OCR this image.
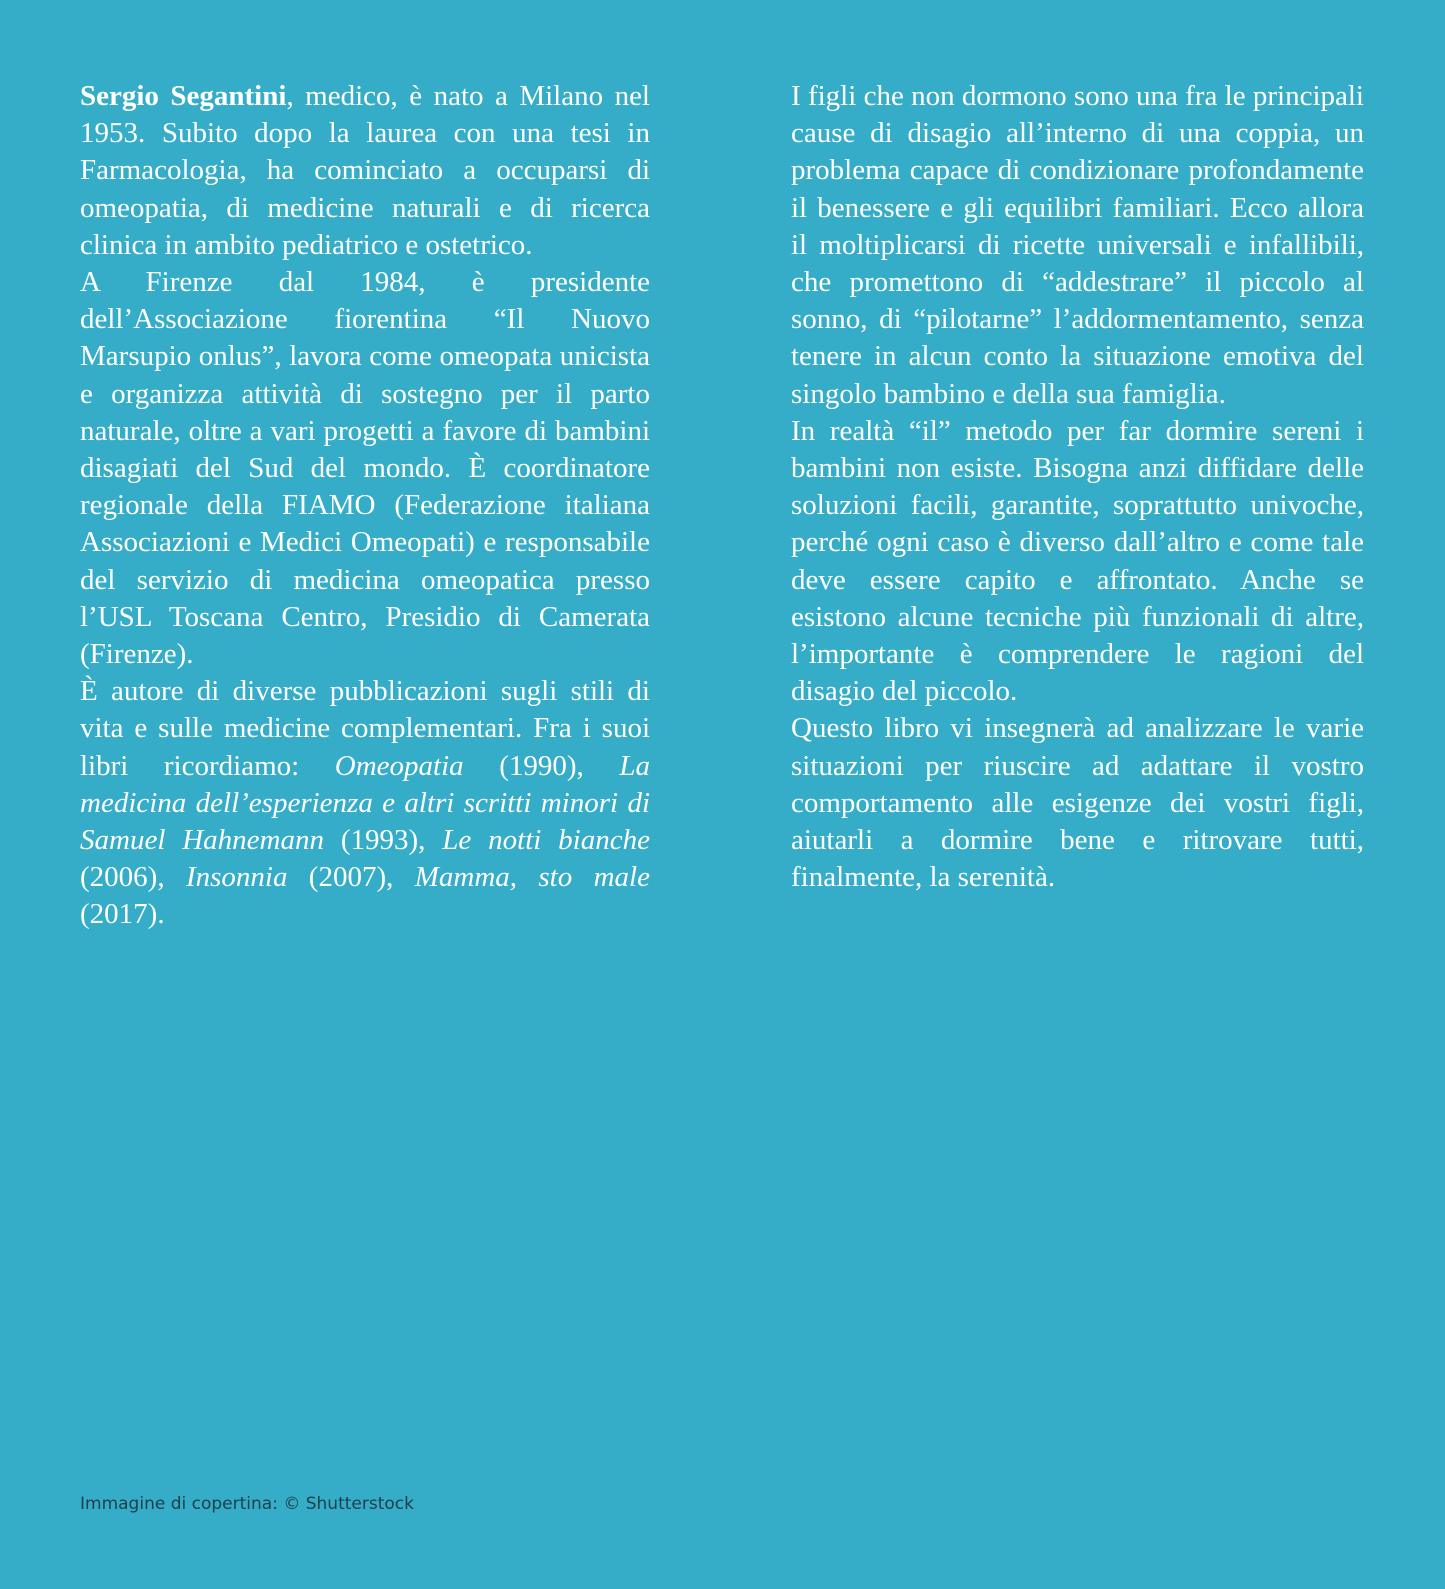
Sergio Segantini, medico, è nato a Milano nel 1953. Subito dopo la laurea con una tesi in Farmacologia, ha cominciato a occuparsi di omeopatia, di medicine naturali e di ricerca clinica in ambito pediatrico e ostetrico.

A Firenze dal 1984, è presidente dell’Associazione fiorentina “Il Nuovo Marsupio onlus”, lavora come omeopata unicista e organizza attività di sostegno per il parto naturale, oltre a vari progetti a favore di bambini disagiati del Sud del mondo. È coordinatore regionale della FIAMO (Federazione italiana Associazioni e Medici Omeopati) e responsabile del servizio di medicina omeopatica presso l’USL Toscana Centro, Presidio di Camerata (Firenze).

È autore di diverse pubblicazioni sugli stili di vita e sulle medicine complementari. Fra i suoi libri ricordiamo: Omeopatia (1990), La medicina dell’esperienza e altri scritti minori di Samuel Hahnemann (1993), Le notti bianche (2006), Insonnia (2007), Mamma, sto male (2017).

I figli che non dormono sono una fra le principali cause di disagio all’interno di una coppia, un problema capace di condizionare profondamente il benessere e gli equilibri familiari. Ecco allora il moltiplicarsi di ricette universali e infallibili, che promettono di “addestrare” il piccolo al sonno, di “pilotarne” l’addormentamento, senza tenere in alcun conto la situazione emotiva del singolo bambino e della sua famiglia.

In realtà “il” metodo per far dormire sereni i bambini non esiste. Bisogna anzi diffidare delle soluzioni facili, garantite, soprattutto univoche, perché ogni caso è diverso dall’altro e come tale deve essere capito e affrontato. Anche se esistono alcune tecniche più funzionali di altre, l’importante è comprendere le ragioni del disagio del piccolo.

Questo libro vi insegnerà ad analizzare le varie situazioni per riuscire ad adattare il vostro comportamento alle esigenze dei vostri figli, aiutarli a dormire bene e ritrovare tutti, finalmente, la serenità.

Immagine di copertina: © Shutterstock
